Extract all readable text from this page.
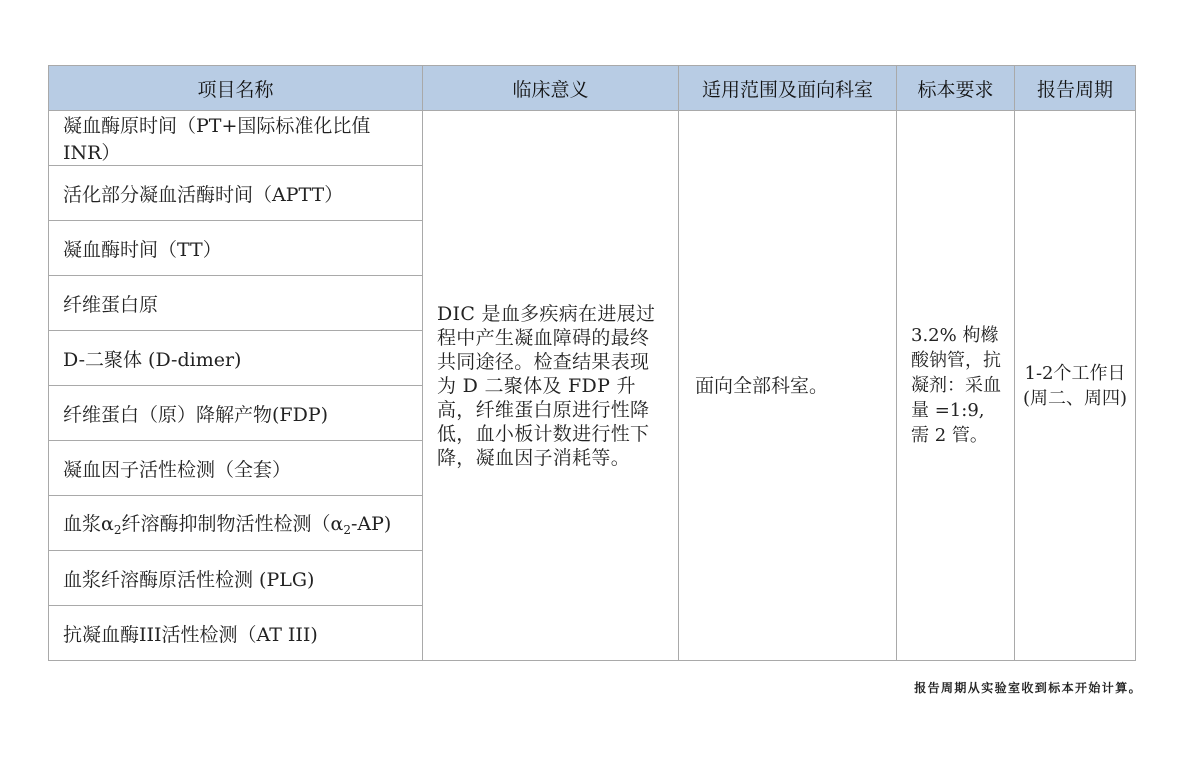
项目名称	临床意义	适用范围及面向科室	标本要求	报告周期
凝血酶原时间（PT+国际标准化比值 INR）	DIC 是血多疾病在进展过程中产生凝血障碍的最终共同途径。检查结果表现为 D 二聚体及 FDP 升高，纤维蛋白原进行性降低，血小板计数进行性下降，凝血因子消耗等。	面向全部科室。	3.2% 枸橼酸钠管，抗凝剂：采血量 =1:9, 需 2 管。	1-2个工作日(周二、周四)
活化部分凝血活酶时间（APTT）				
凝血酶时间（TT）				
纤维蛋白原				
D-二聚体 (D-dimer)				
纤维蛋白（原）降解产物(FDP)				
凝血因子活性检测（全套）				
血浆$\alpha_2$纤溶酶抑制物活性检测$(\alpha_2-AP)$				
血浆纤溶酶原活性检测 (PLG)				
抗凝血酶III活性检测（AT III)				
报告周期从实验室收到标本开始计算。
